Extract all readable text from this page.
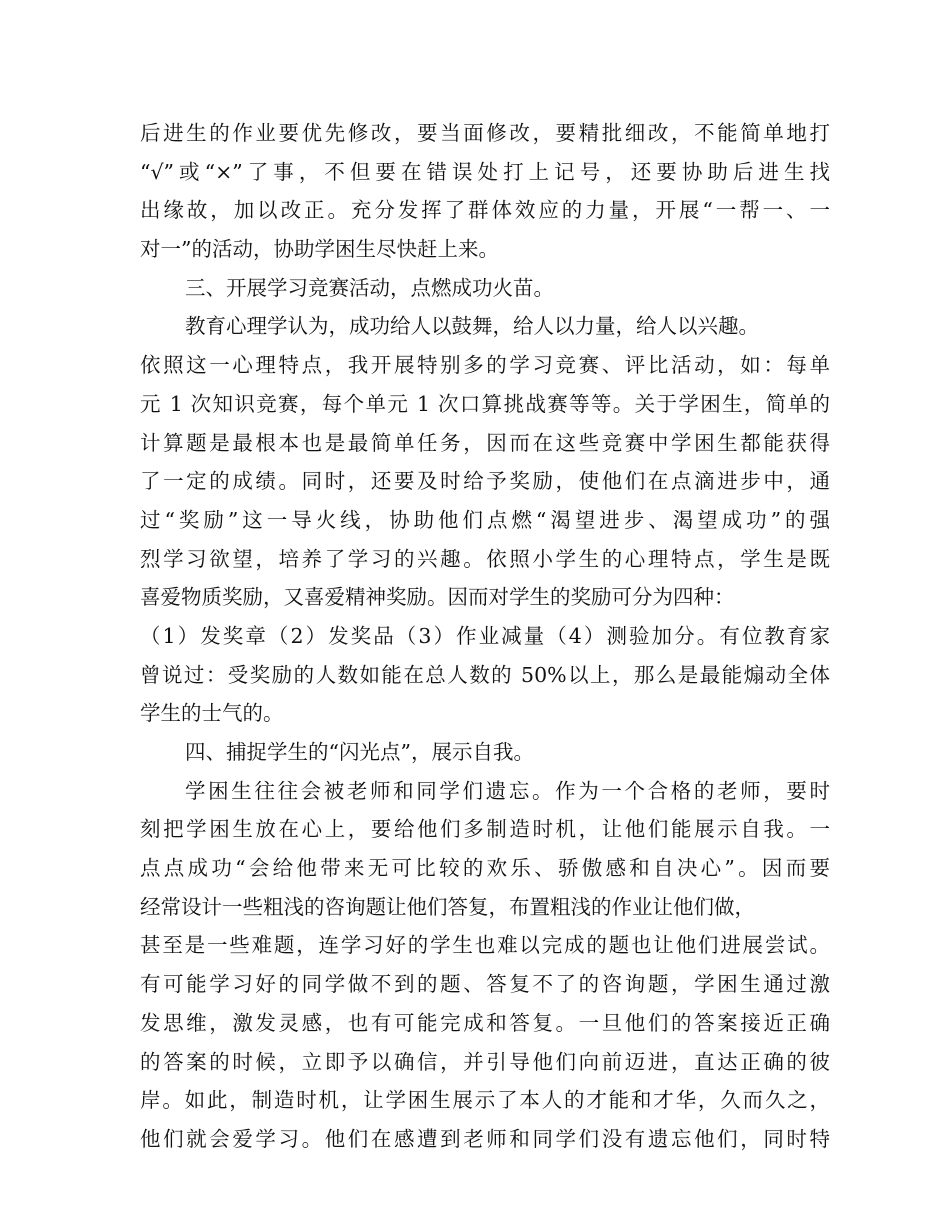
后进生的作业要优先修改，要当面修改，要精批细改，不能简单地打
“√”或“×”了事，不但要在错误处打上记号，还要协助后进生找
出缘故，加以改正。充分发挥了群体效应的力量，开展“一帮一、一
对一”的活动，协助学困生尽快赶上来。
三、开展学习竞赛活动，点燃成功火苗。
教育心理学认为，成功给人以鼓舞，给人以力量，给人以兴趣。
依照这一心理特点，我开展特别多的学习竞赛、评比活动，如：每单
元 1 次知识竞赛，每个单元 1 次口算挑战赛等等。关于学困生，简单的
计算题是最根本也是最简单任务，因而在这些竞赛中学困生都能获得
了一定的成绩。同时，还要及时给予奖励，使他们在点滴进步中，通
过“奖励”这一导火线，协助他们点燃“渴望进步、渴望成功”的强
烈学习欲望，培养了学习的兴趣。依照小学生的心理特点，学生是既
喜爱物质奖励，又喜爱精神奖励。因而对学生的奖励可分为四种：
（1）发奖章（2）发奖品（3）作业减量（4）测验加分。有位教育家
曾说过：受奖励的人数如能在总人数的 50%以上，那么是最能煽动全体
学生的士气的。
四、捕捉学生的“闪光点”，展示自我。
学困生往往会被老师和同学们遗忘。作为一个合格的老师，要时
刻把学困生放在心上，要给他们多制造时机，让他们能展示自我。一
点点成功“会给他带来无可比较的欢乐、骄傲感和自决心”。因而要
经常设计一些粗浅的咨询题让他们答复，布置粗浅的作业让他们做，
甚至是一些难题，连学习好的学生也难以完成的题也让他们进展尝试。
有可能学习好的同学做不到的题、答复不了的咨询题，学困生通过激
发思维，激发灵感，也有可能完成和答复。一旦他们的答案接近正确
的答案的时候，立即予以确信，并引导他们向前迈进，直达正确的彼
岸。如此，制造时机，让学困生展示了本人的才能和才华，久而久之，
他们就会爱学习。他们在感遭到老师和同学们没有遗忘他们，同时特
